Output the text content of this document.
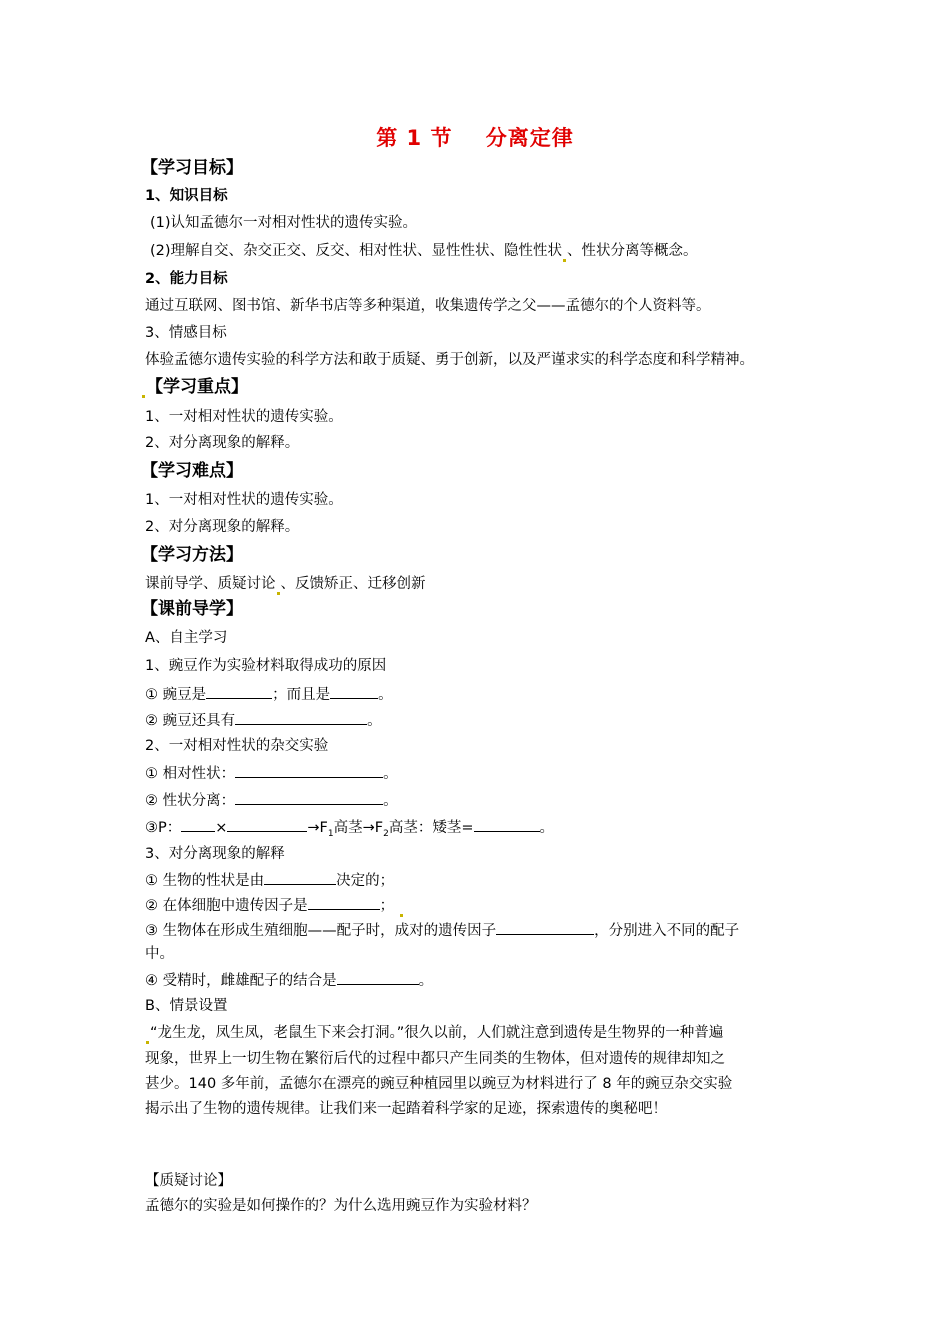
第 1 节    分离定律
【学习目标】
1、知识目标
(1)认知孟德尔一对相对性状的遗传实验。
(2)理解自交、杂交正交、反交、相对性状、显性性状、隐性性状 、性状分离等概念。
2、能力目标
通过互联网、图书馆、新华书店等多种渠道，收集遗传学之父——孟德尔的个人资料等。
3、情感目标
体验孟德尔遗传实验的科学方法和敢于质疑、勇于创新，以及严谨求实的科学态度和科学精神。
【学习重点】
1、一对相对性状的遗传实验。
2、对分离现象的解释。
【学习难点】
1、一对相对性状的遗传实验。
2、对分离现象的解释。
【学习方法】
课前导学、质疑讨论 、反馈矫正、迁移创新
【课前导学】
A、自主学习
1、豌豆作为实验材料取得成功的原因
① 豌豆是	；而且是	。
② 豌豆还具有	。
2、一对相对性状的杂交实验
① 相对性状：	。
② 性状分离：	。
③P： ×	$\to F_1$高茎$\to F_2$高茎：矮茎=	。
3、对分离现象的解释
① 生物的性状是由	决定的；
② 在体细胞中遗传因子是	；
③ 生物体在形成生殖细胞——配子时，成对的遗传因子	，分别进入不同的配子
中。
④ 受精时，雌雄配子的结合是	。
B、情景设置
“龙生龙，凤生凤，老鼠生下来会打洞。”很久以前，人们就注意到遗传是生物界的一种普遍
现象，世界上一切生物在繁衍后代的过程中都只产生同类的生物体，但对遗传的规律却知之
甚少。140 多年前，孟德尔在漂亮的豌豆种植园里以豌豆为材料进行了 8 年的豌豆杂交实验
揭示出了生物的遗传规律。让我们来一起踏着科学家的足迹，探索遗传的奥秘吧！
【质疑讨论】
孟德尔的实验是如何操作的？为什么选用豌豆作为实验材料？
